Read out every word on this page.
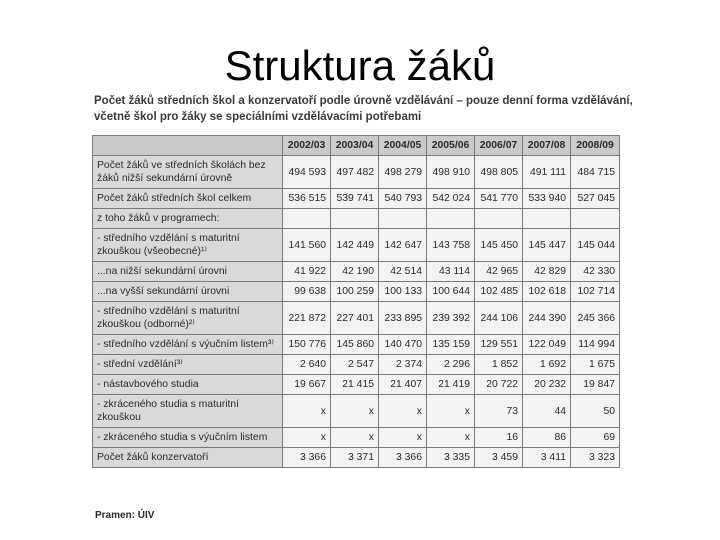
Struktura žáků
Počet žáků středních škol a konzervatoří podle úrovně vzdělávání – pouze denní forma vzdělávání, včetně škol pro žáky se speciálními vzdělávacími potřebami
	2002/03	2003/04	2004/05	2005/06	2006/07	2007/08	2008/09
Počet žáků ve středních školách bez žáků nižší sekundární úrovně	494 593	497 482	498 279	498 910	498 805	491 111	484 715
Počet žáků středních škol celkem	536 515	539 741	540 793	542 024	541 770	533 940	527 045
z toho žáků v programech:							
- středního vzdělání s maturitní zkouškou (všeobecné)¹⁾	141 560	142 449	142 647	143 758	145 450	145 447	145 044
...na nižší sekundární úrovni	41 922	42 190	42 514	43 114	42 965	42 829	42 330
...na vyšší sekundární úrovni	99 638	100 259	100 133	100 644	102 485	102 618	102 714
- středního vzdělání s maturitní zkouškou (odborné)²⁾	221 872	227 401	233 895	239 392	244 106	244 390	245 366
- středního vzdělání s výučním listem³⁾	150 776	145 860	140 470	135 159	129 551	122 049	114 994
- střední vzdělání³⁾	2 640	2 547	2 374	2 296	1 852	1 692	1 675
- nástavbového studia	19 667	21 415	21 407	21 419	20 722	20 232	19 847
- zkráceného studia s maturitní zkouškou	x	x	x	x	73	44	50
- zkráceného studia s výučním listem	x	x	x	x	16	86	69
Počet žáků konzervatoří	3 366	3 371	3 366	3 335	3 459	3 411	3 323
Pramen: ÚIV
